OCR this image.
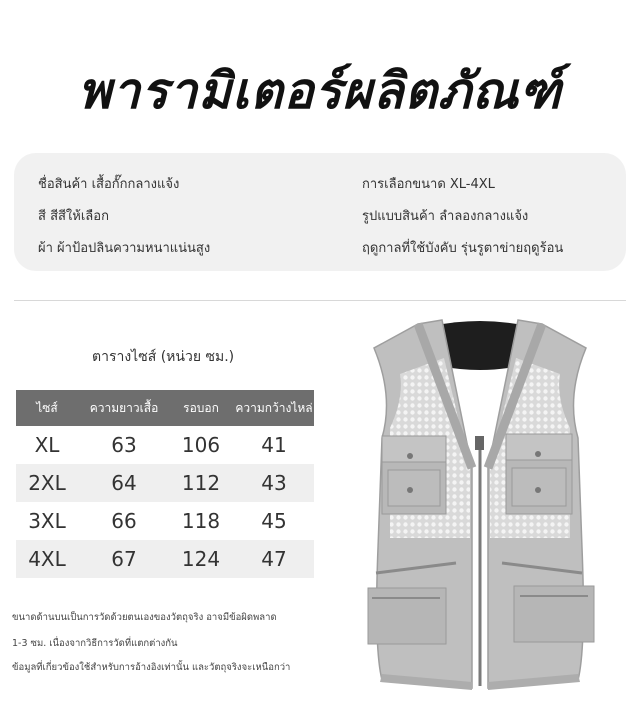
พารามิเตอร์ผลิตภัณฑ์
ชื่อสินค้า เสื้อกั๊กกลางแจ้ง
สี สีสีให้เลือก
ผ้า ผ้าป้อปลินความหนาแน่นสูง
การเลือกขนาด XL-4XL
รูปแบบสินค้า ลำลองกลางแจ้ง
ฤดูกาลที่ใช้บังคับ รุ่นรูตาข่ายฤดูร้อน
ตารางไซส์ (หน่วย ซม.)
ไซส์	ความยาวเสื้อ	รอบอก	ความกว้างไหล่
XL	63	106	41
2XL	64	112	43
3XL	66	118	45
4XL	67	124	47
ขนาดด้านบนเป็นการวัดด้วยตนเองของวัตถุจริง อาจมีข้อผิดพลาด
1-3 ซม. เนื่องจากวิธีการวัดที่แตกต่างกัน
ข้อมูลที่เกี่ยวข้องใช้สำหรับการอ้างอิงเท่านั้น และวัตถุจริงจะเหนือกว่า
